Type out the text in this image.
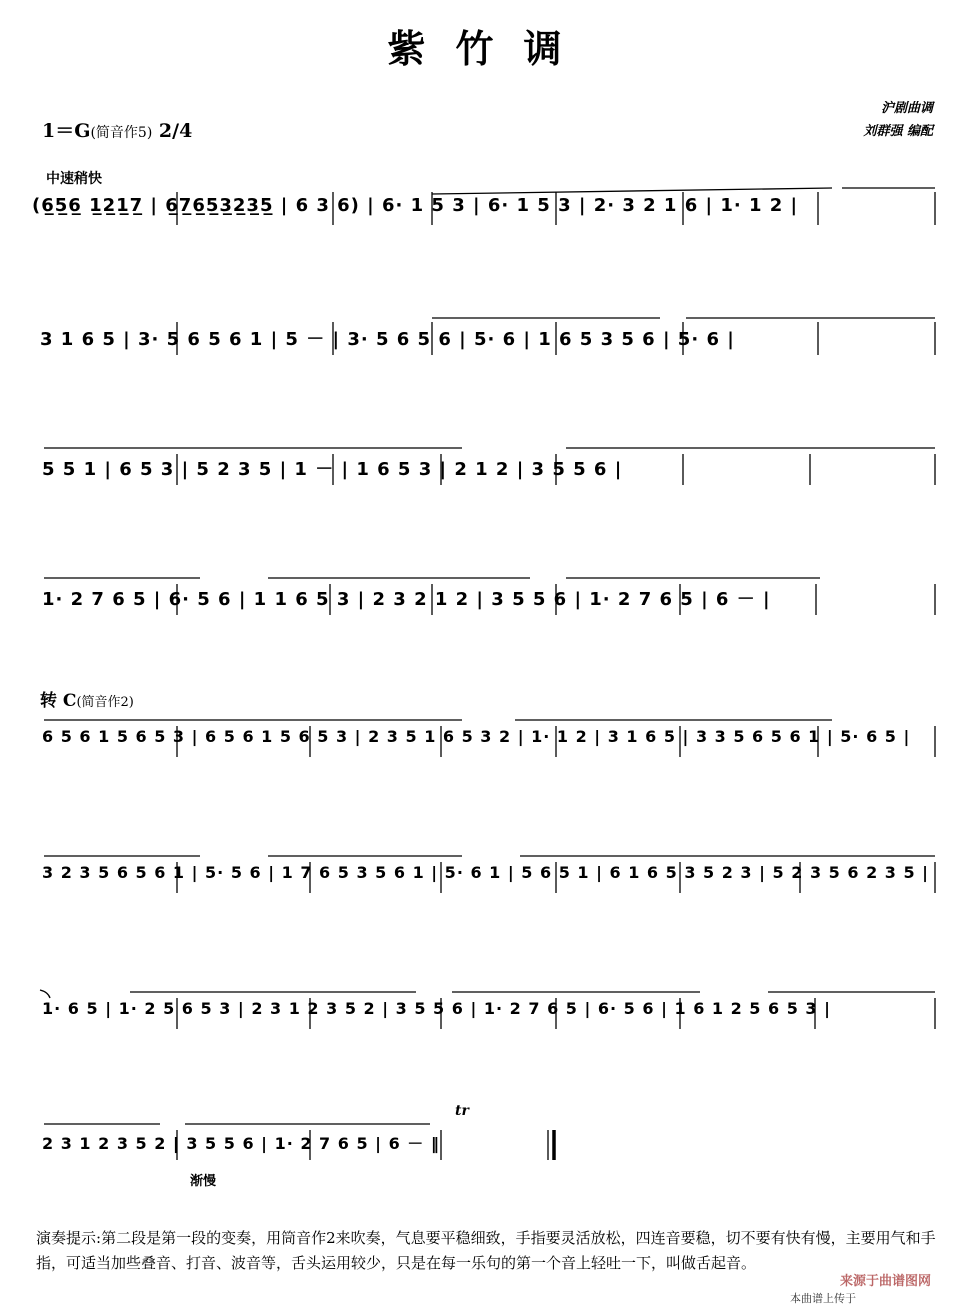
紫竹调
1＝G(简音作5) 2/4
沪剧曲调
刘群强 编配
中速稍快
(6̲5̲6̲ 1̲2̲1̲7̲ | 6̲7̲6̲5̲3̲2̲3̲5̲ | 6 3 6) | 6· 1 5 3 | 6· 1 5 3 | 2· 3 2 1 6 | 1· 1 2 |
3 1 6 5 | 3· 5 6 5 6 1 | 5 － | 3· 5 6 5 6 | 5· 6 | 1 6 5 3 5 6 | 5· 6 |
5 5 1 | 6 5 3 | 5 2 3 5 | 1 － | 1 6 5 3 | 2 1 2 | 3 5 5 6 |
1· 2 7 6 5 | 6· 5 6 | 1 1 6 5 3 | 2 3 2 1 2 | 3 5 5 6 | 1· 2 7 6 5 | 6 － |
转 C(简音作2)
6 5 6 1 5 6 5 3 | 6 5 6 1 5 6 5 3 | 2 3 5 1 6 5 3 2 | 1· 1 2 | 3 1 6 5 | 3 3 5 6 5 6 1 | 5· 6 5 |
3 2 3 5 6 5 6 1 | 5· 5 6 | 1 7 6 5 3 5 6 1 | 5· 6 1 | 5 6 5 1 | 6 1 6 5 3 5 2 3 | 5 2 3 5 6 2 3 5 |
1· 6 5 | 1· 2 5 6 5 3 | 2 3 1 2 3 5 2 | 3 5 5 6 | 1· 2 7 6 5 | 6· 5 6 | 1 6 1 2 5 6 5 3 |
2 3 1 2 3 5 2 | 3 5 5 6 | 1· 2 7 6 5 | 6 － ‖
tr
渐慢
演奏提示:第二段是第一段的变奏，用筒音作2来吹奏，气息要平稳细致，手指要灵活放松，四连音要稳，切不要有快有慢，主要用气和手指，可适当加些叠音、打音、波音等，舌头运用较少，只是在每一乐句的第一个音上轻吐一下，叫做舌起音。
本曲谱上传于
来源于曲谱图网
